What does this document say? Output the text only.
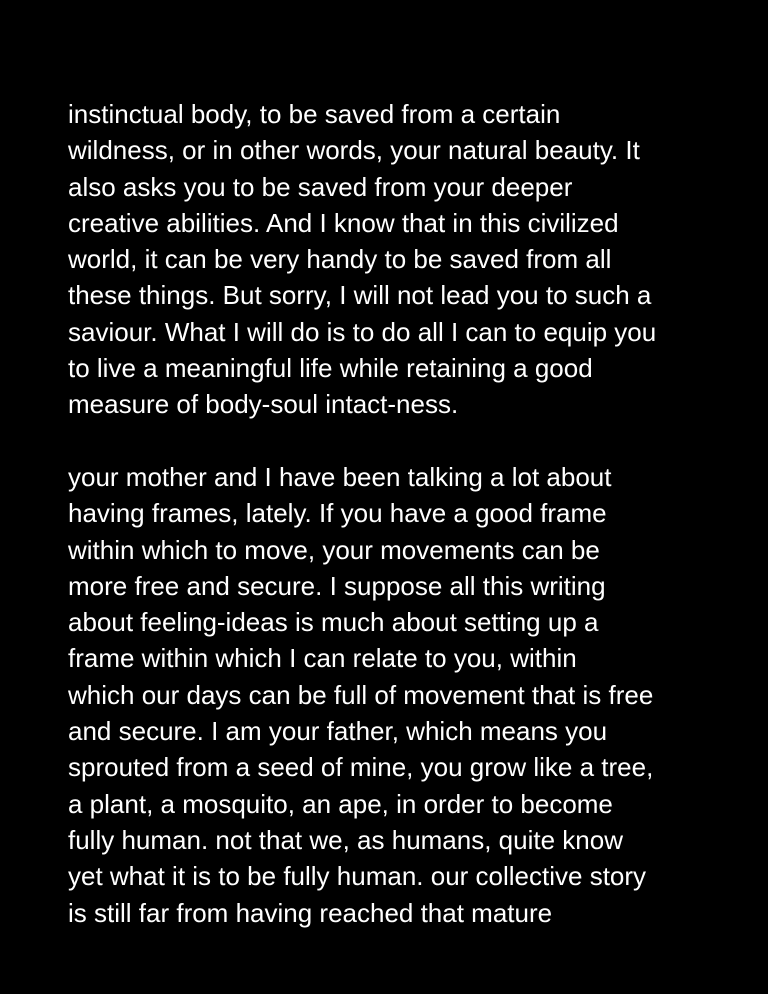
instinctual body, to be saved from a certain
wildness, or in other words, your natural beauty. It
also asks you to be saved from your deeper
creative abilities. And I know that in this civilized
world, it can be very handy to be saved from all
these things. But sorry, I will not lead you to such a
saviour. What I will do is to do all I can to equip you
to live a meaningful life while retaining a good
measure of body-soul intact-ness.

your mother and I have been talking a lot about
having frames, lately. If you have a good frame
within which to move, your movements can be
more free and secure. I suppose all this writing
about feeling-ideas is much about setting up a
frame within which I can relate to you, within
which our days can be full of movement that is free
and secure. I am your father, which means you
sprouted from a seed of mine, you grow like a tree,
a plant, a mosquito, an ape, in order to become
fully human. not that we, as humans, quite know
yet what it is to be fully human. our collective story
is still far from having reached that mature
